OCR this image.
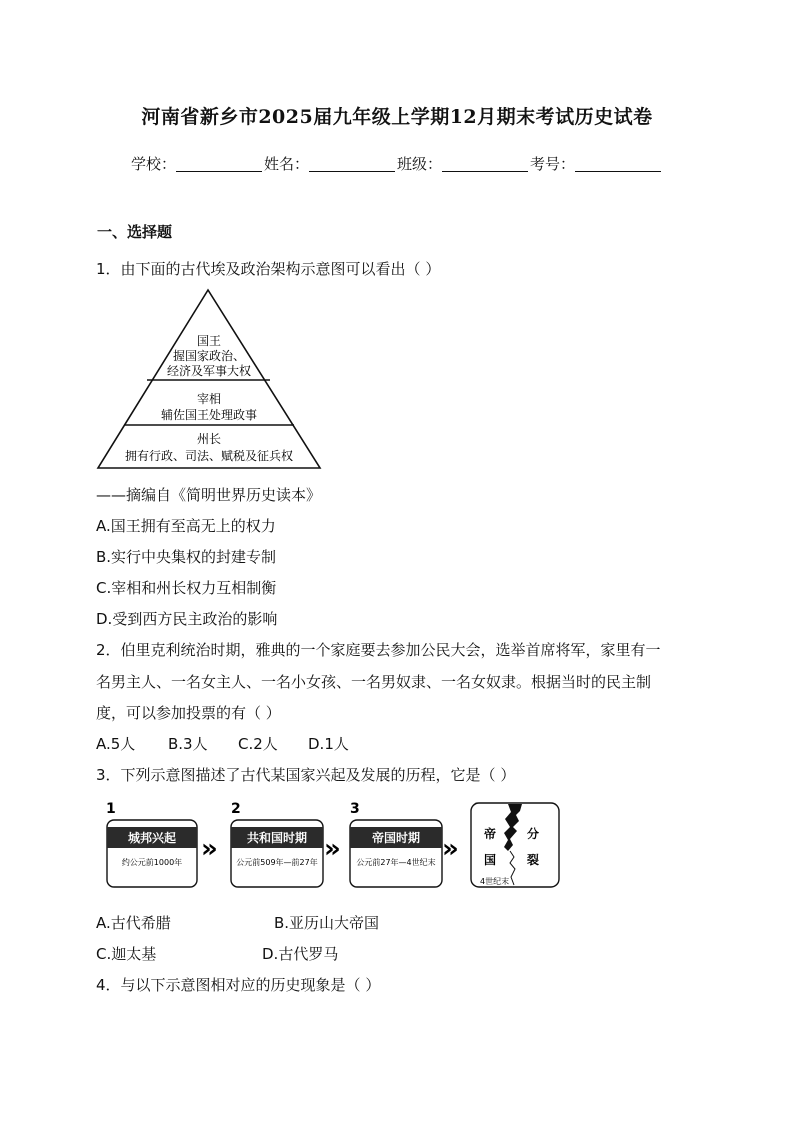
河南省新乡市2025届九年级上学期12月期末考试历史试卷
学校：	姓名：	班级：	考号：
一、选择题
1．由下面的古代埃及政治架构示意图可以看出（ ）
国王
握国家政治、
经济及军事大权
宰相
辅佐国王处理政事
州长
拥有行政、司法、赋税及征兵权
——摘编自《简明世界历史读本》
A.国王拥有至高无上的权力
B.实行中央集权的封建专制
C.宰相和州长权力互相制衡
D.受到西方民主政治的影响
2．伯里克利统治时期，雅典的一个家庭要去参加公民大会，选举首席将军，家里有一
名男主人、一名女主人、一名小女孩、一名男奴隶、一名女奴隶。根据当时的民主制
度，可以参加投票的有（ ）
A.5人 B.3人 C.2人 D.1人
3．下列示意图描述了古代某国家兴起及发展的历程，它是（ ）
1
城邦兴起
约公元前1000年 »
2
共和国时期
公元前509年—前27年 »
3
帝国时期
公元前27年—4世纪末 » 帝
国
分
裂
4世纪末
A.古代希腊	B.亚历山大帝国
C.迦太基	D.古代罗马
4．与以下示意图相对应的历史现象是（ ）
